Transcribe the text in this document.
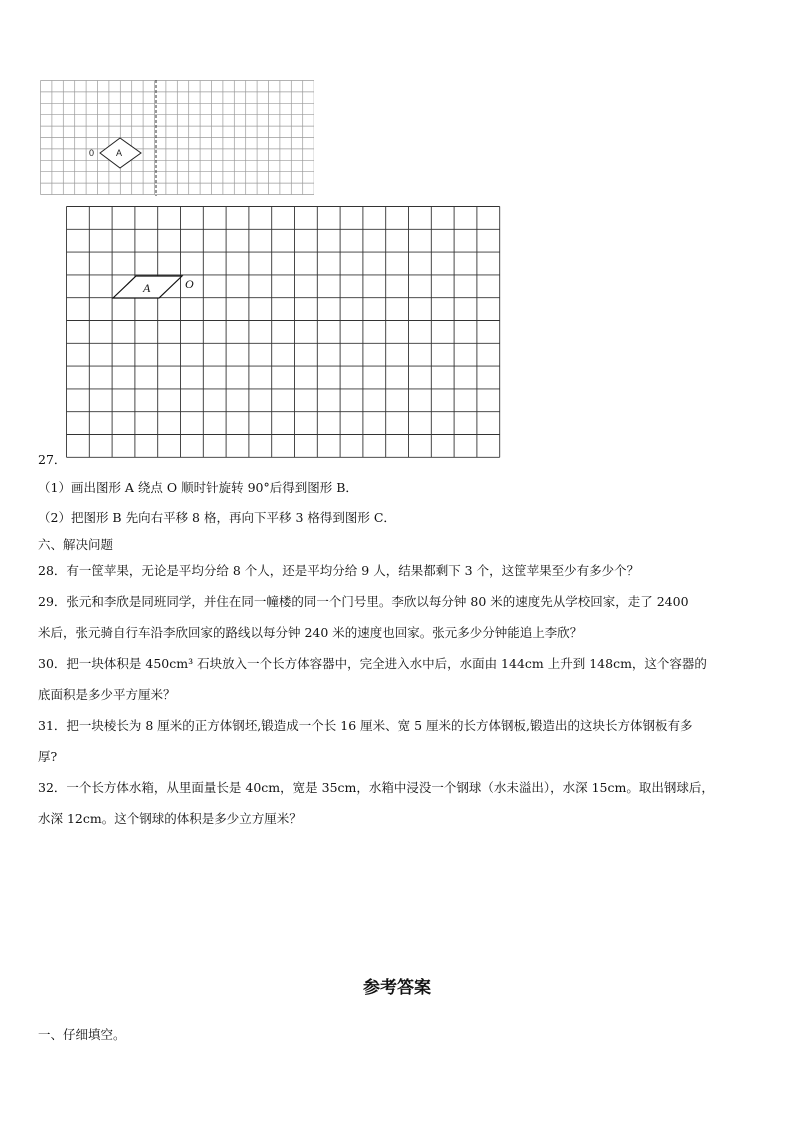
0 A
A	O
27．
（1）画出图形 A 绕点 O 顺时针旋转 90°后得到图形 B．
（2）把图形 B 先向右平移 8 格，再向下平移 3 格得到图形 C．
六、解决问题
28．有一筐苹果，无论是平均分给 8 个人，还是平均分给 9 人，结果都剩下 3 个，这筐苹果至少有多少个？
29．张元和李欣是同班同学，并住在同一幢楼的同一个门号里。李欣以每分钟 80 米的速度先从学校回家，走了 2400
米后，张元骑自行车沿李欣回家的路线以每分钟 240 米的速度也回家。张元多少分钟能追上李欣？
30．把一块体积是 450cm³ 石块放入一个长方体容器中，完全进入水中后，水面由 144cm 上升到 148cm，这个容器的
底面积是多少平方厘米？
31．把一块棱长为 8 厘米的正方体钢坯,锻造成一个长 16 厘米、宽 5 厘米的长方体钢板,锻造出的这块长方体钢板有多
厚?
32．一个长方体水箱，从里面量长是 40cm，宽是 35cm，水箱中浸没一个钢球（水未溢出），水深 15cm。取出钢球后，
水深 12cm。这个钢球的体积是多少立方厘米？
参考答案
一、仔细填空。
